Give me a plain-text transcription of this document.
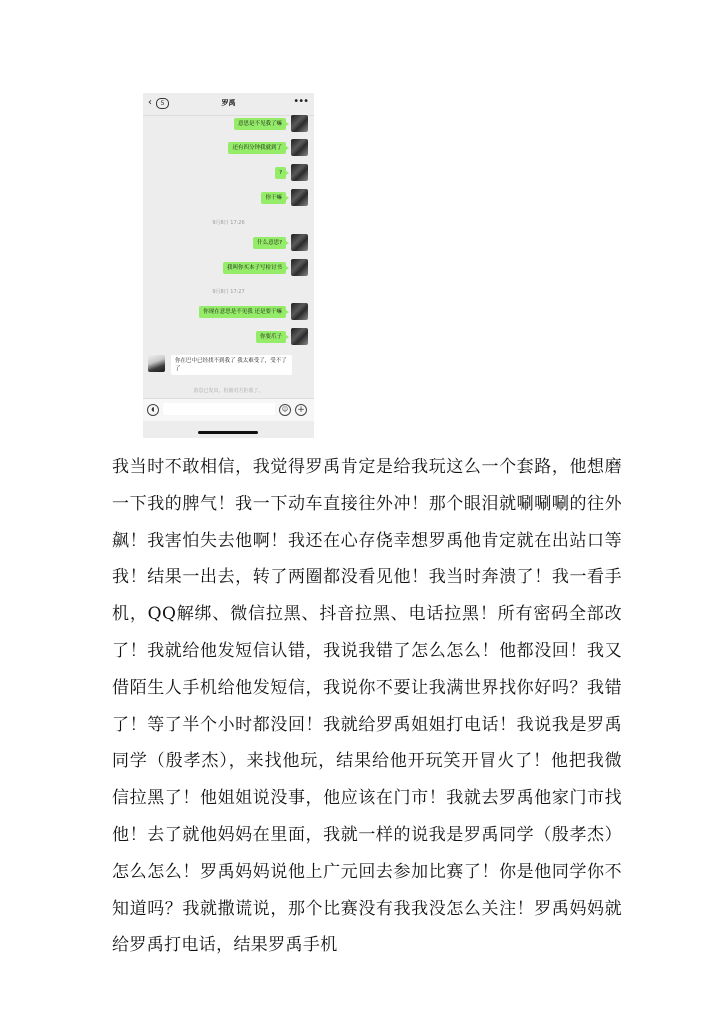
‹	5	罗禹	•••
意思是不见我了嘛
还有四分钟我就到了
?
你干嘛
9月8日 17:26
什么意思?
我叫你买本子写检讨书
9月8日 17:27
你现在意思是不见我 还是要干嘛
你要爪子
你在巴中已经找不到我了 我太难受了，受不了了
消息已发出，但被对方拒收了。
◖	☺	+
我当时不敢相信，我觉得罗禹肯定是给我玩这么一个套路，他想磨一下我的脾气！我一下动车直接往外冲！那个眼泪就唰唰唰的往外飙！我害怕失去他啊！我还在心存侥幸想罗禹他肯定就在出站口等我！结果一出去，转了两圈都没看见他！我当时奔溃了！我一看手机，QQ解绑、微信拉黑、抖音拉黑、电话拉黑！所有密码全部改了！我就给他发短信认错，我说我错了怎么怎么！他都没回！我又借陌生人手机给他发短信，我说你不要让我满世界找你好吗？我错了！等了半个小时都没回！我就给罗禹姐姐打电话！我说我是罗禹同学（殷孝杰），来找他玩，结果给他开玩笑开冒火了！他把我微信拉黑了！他姐姐说没事，他应该在门市！我就去罗禹他家门市找他！去了就他妈妈在里面，我就一样的说我是罗禹同学（殷孝杰）怎么怎么！罗禹妈妈说他上广元回去参加比赛了！你是他同学你不知道吗？我就撒谎说，那个比赛没有我我没怎么关注！罗禹妈妈就给罗禹打电话，结果罗禹手机
